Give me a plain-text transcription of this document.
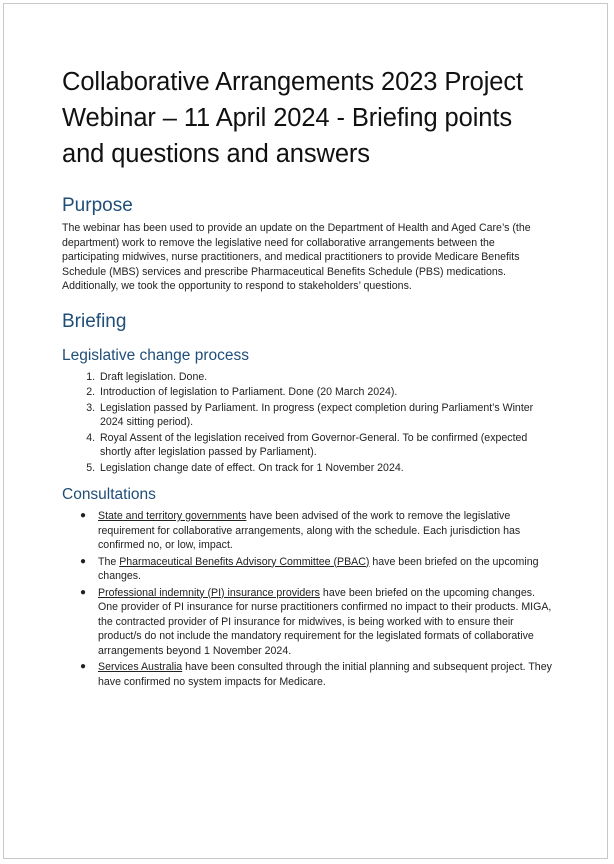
Collaborative Arrangements 2023 Project Webinar – 11 April 2024 - Briefing points and questions and answers
Purpose

The webinar has been used to provide an update on the Department of Health and Aged Care’s (the department) work to remove the legislative need for collaborative arrangements between the participating midwives, nurse practitioners, and medical practitioners to provide Medicare Benefits Schedule (MBS) services and prescribe Pharmaceutical Benefits Schedule (PBS) medications. Additionally, we took the opportunity to respond to stakeholders’ questions.

Briefing
Legislative change process
1. Draft legislation. Done.
2. Introduction of legislation to Parliament. Done (20 March 2024).
3. Legislation passed by Parliament. In progress (expect completion during Parliament’s Winter 2024 sitting period).
4. Royal Assent of the legislation received from Governor-General. To be confirmed (expected shortly after legislation passed by Parliament).
5. Legislation change date of effect. On track for 1 November 2024.
Consultations
● State and territory governments have been advised of the work to remove the legislative requirement for collaborative arrangements, along with the schedule. Each jurisdiction has confirmed no, or low, impact.
● The Pharmaceutical Benefits Advisory Committee (PBAC) have been briefed on the upcoming changes.
● Professional indemnity (PI) insurance providers have been briefed on the upcoming changes. One provider of PI insurance for nurse practitioners confirmed no impact to their products. MIGA, the contracted provider of PI insurance for midwives, is being worked with to ensure their product/s do not include the mandatory requirement for the legislated formats of collaborative arrangements beyond 1 November 2024.
● Services Australia have been consulted through the initial planning and subsequent project. They have confirmed no system impacts for Medicare.
